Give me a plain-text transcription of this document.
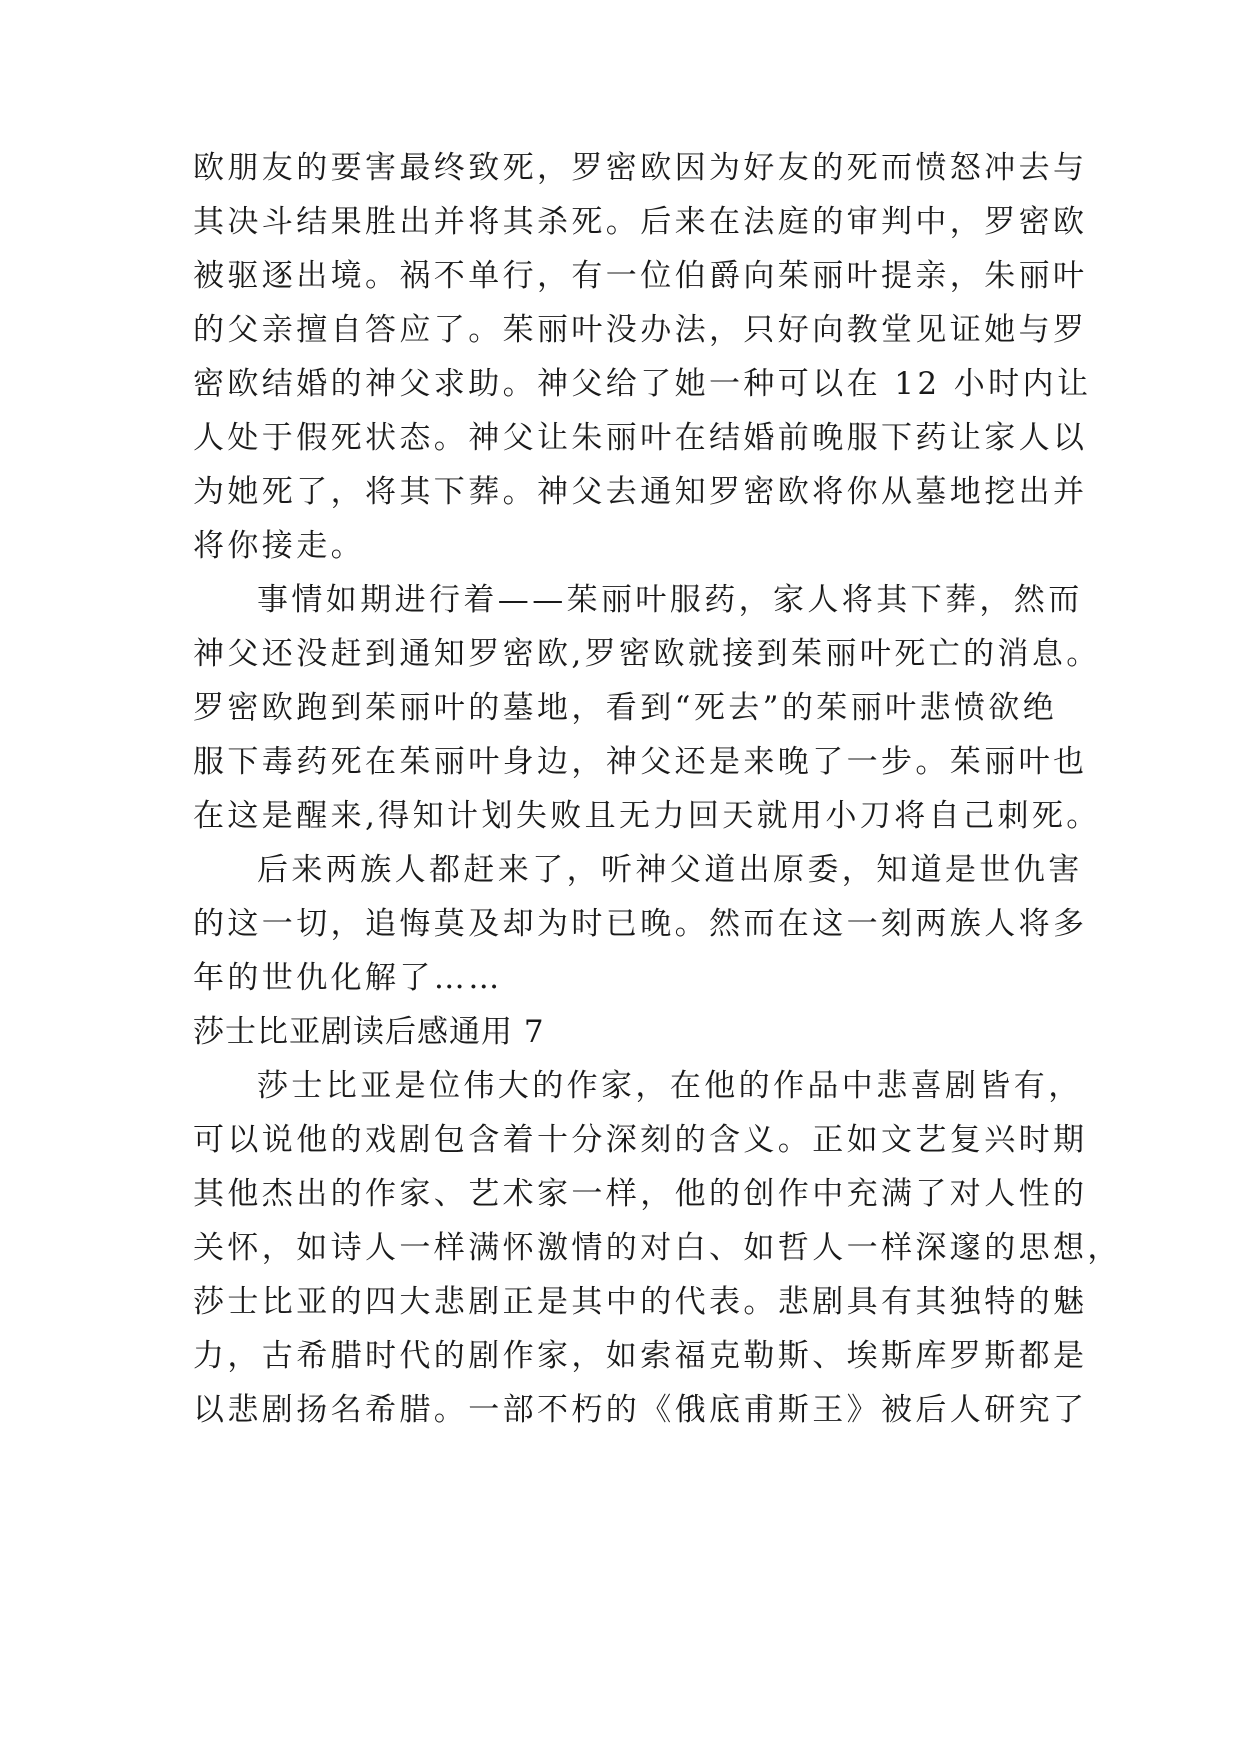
欧朋友的要害最终致死，罗密欧因为好友的死而愤怒冲去与
其决斗结果胜出并将其杀死。后来在法庭的审判中，罗密欧
被驱逐出境。祸不单行，有一位伯爵向茱丽叶提亲，朱丽叶
的父亲擅自答应了。茱丽叶没办法，只好向教堂见证她与罗
密欧结婚的神父求助。神父给了她一种可以在 12 小时内让
人处于假死状态。神父让朱丽叶在结婚前晚服下药让家人以
为她死了，将其下葬。神父去通知罗密欧将你从墓地挖出并
将你接走。
事情如期进行着——茱丽叶服药，家人将其下葬，然而
神父还没赶到通知罗密欧,罗密欧就接到茱丽叶死亡的消息。
罗密欧跑到茱丽叶的墓地，看到“死去”的茱丽叶悲愤欲绝
服下毒药死在茱丽叶身边，神父还是来晚了一步。茱丽叶也
在这是醒来,得知计划失败且无力回天就用小刀将自己刺死。
后来两族人都赶来了，听神父道出原委，知道是世仇害
的这一切，追悔莫及却为时已晚。然而在这一刻两族人将多
年的世仇化解了……
莎士比亚剧读后感通用 7
莎士比亚是位伟大的作家，在他的作品中悲喜剧皆有，
可以说他的戏剧包含着十分深刻的含义。正如文艺复兴时期
其他杰出的作家、艺术家一样，他的创作中充满了对人性的
关怀，如诗人一样满怀激情的对白、如哲人一样深邃的思想，
莎士比亚的四大悲剧正是其中的代表。悲剧具有其独特的魅
力，古希腊时代的剧作家，如索福克勒斯、埃斯库罗斯都是
以悲剧扬名希腊。一部不朽的《俄底甫斯王》被后人研究了
